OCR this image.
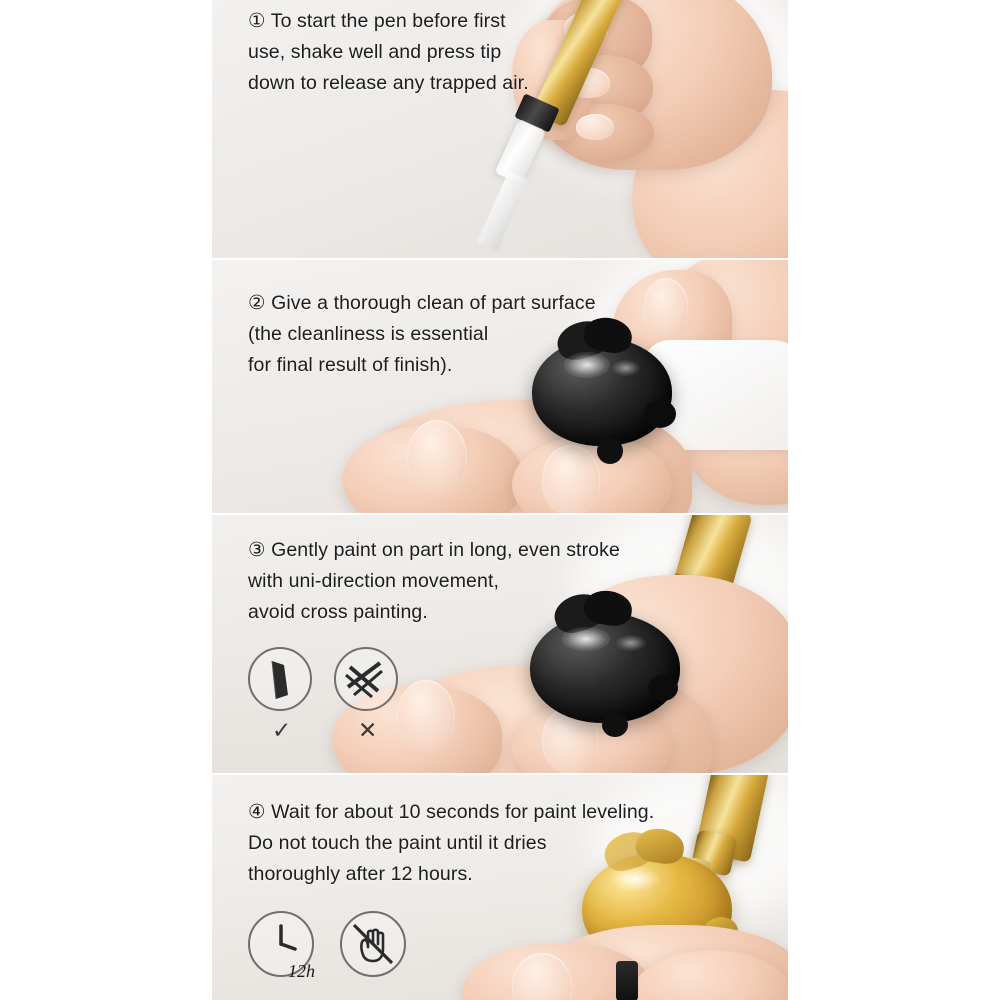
① To start the pen before first
use, shake well and press tip
down to release any trapped air.
② Give a thorough clean of part surface
(the cleanliness is essential
for final result of finish).
③ Gently paint on part in long, even stroke
with uni-direction movement,
avoid cross painting.
✓	✕
④ Wait for about 10 seconds for paint leveling.
Do not touch the paint until it dries
thoroughly after 12 hours.
12h
